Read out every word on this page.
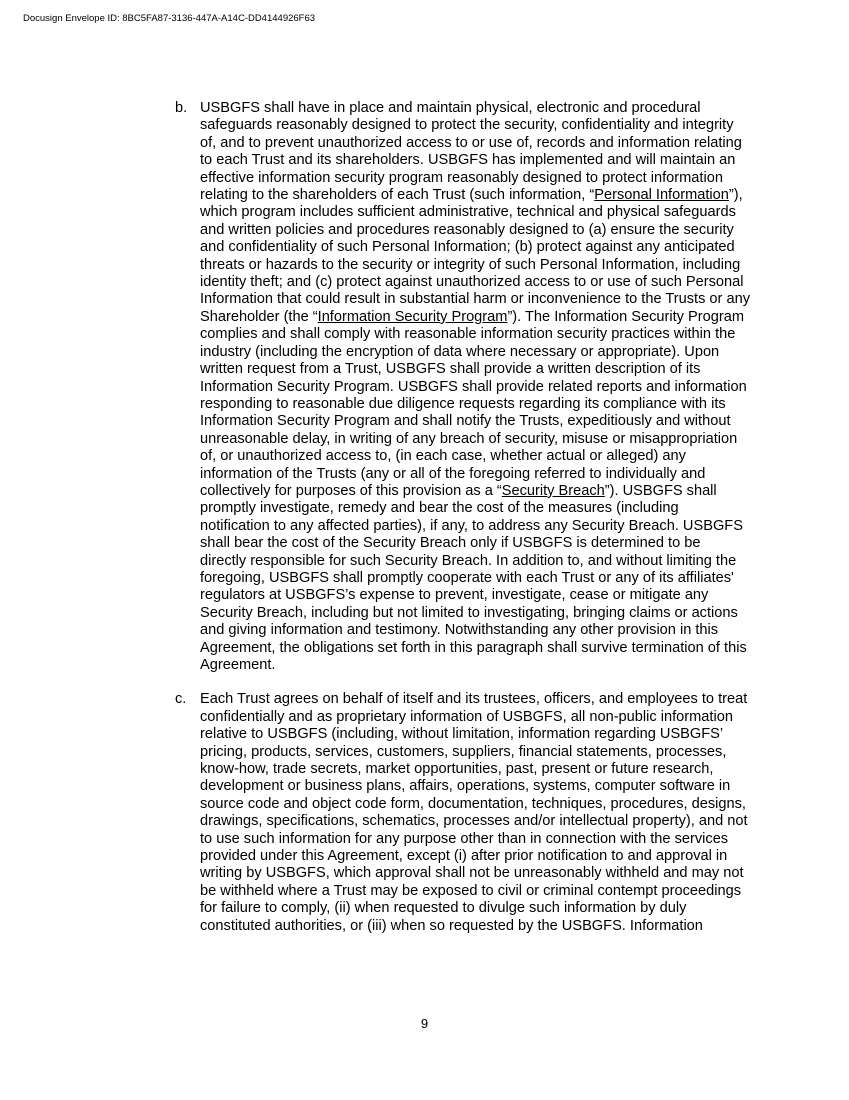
Docusign Envelope ID: 8BC5FA87-3136-447A-A14C-DD4144926F63
b. USBGFS shall have in place and maintain physical, electronic and procedural safeguards reasonably designed to protect the security, confidentiality and integrity of, and to prevent unauthorized access to or use of, records and information relating to each Trust and its shareholders. USBGFS has implemented and will maintain an effective information security program reasonably designed to protect information relating to the shareholders of each Trust (such information, “Personal Information”), which program includes sufficient administrative, technical and physical safeguards and written policies and procedures reasonably designed to (a) ensure the security and confidentiality of such Personal Information; (b) protect against any anticipated threats or hazards to the security or integrity of such Personal Information, including identity theft; and (c) protect against unauthorized access to or use of such Personal Information that could result in substantial harm or inconvenience to the Trusts or any Shareholder (the “Information Security Program”). The Information Security Program complies and shall comply with reasonable information security practices within the industry (including the encryption of data where necessary or appropriate). Upon written request from a Trust, USBGFS shall provide a written description of its Information Security Program. USBGFS shall provide related reports and information responding to reasonable due diligence requests regarding its compliance with its Information Security Program and shall notify the Trusts, expeditiously and without unreasonable delay, in writing of any breach of security, misuse or misappropriation of, or unauthorized access to, (in each case, whether actual or alleged) any information of the Trusts (any or all of the foregoing referred to individually and collectively for purposes of this provision as a “Security Breach”). USBGFS shall promptly investigate, remedy and bear the cost of the measures (including notification to any affected parties), if any, to address any Security Breach. USBGFS shall bear the cost of the Security Breach only if USBGFS is determined to be directly responsible for such Security Breach. In addition to, and without limiting the foregoing, USBGFS shall promptly cooperate with each Trust or any of its affiliates' regulators at USBGFS’s expense to prevent, investigate, cease or mitigate any Security Breach, including but not limited to investigating, bringing claims or actions and giving information and testimony. Notwithstanding any other provision in this Agreement, the obligations set forth in this paragraph shall survive termination of this Agreement.
c. Each Trust agrees on behalf of itself and its trustees, officers, and employees to treat confidentially and as proprietary information of USBGFS, all non-public information relative to USBGFS (including, without limitation, information regarding USBGFS’ pricing, products, services, customers, suppliers, financial statements, processes, know-how, trade secrets, market opportunities, past, present or future research, development or business plans, affairs, operations, systems, computer software in source code and object code form, documentation, techniques, procedures, designs, drawings, specifications, schematics, processes and/or intellectual property), and not to use such information for any purpose other than in connection with the services provided under this Agreement, except (i) after prior notification to and approval in writing by USBGFS, which approval shall not be unreasonably withheld and may not be withheld where a Trust may be exposed to civil or criminal contempt proceedings for failure to comply, (ii) when requested to divulge such information by duly constituted authorities, or (iii) when so requested by the USBGFS. Information
9
